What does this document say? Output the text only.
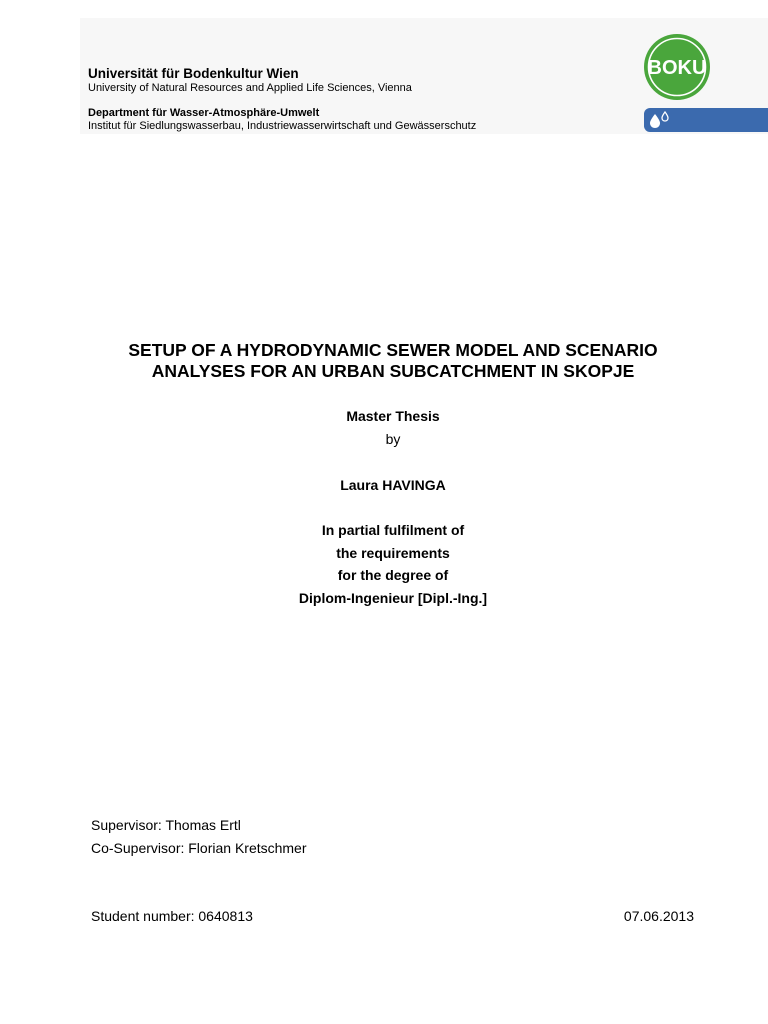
Universität für Bodenkultur Wien
University of Natural Resources and Applied Life Sciences, Vienna
Department für Wasser-Atmosphäre-Umwelt
Institut für Siedlungswasserbau, Industriewasserwirtschaft und Gewässerschutz
BOKU
SETUP OF A HYDRODYNAMIC SEWER MODEL AND SCENARIO
ANALYSES FOR AN URBAN SUBCATCHMENT IN SKOPJE
Master Thesis
by
Laura HAVINGA
In partial fulfilment of
the requirements
for the degree of
Diplom-Ingenieur [Dipl.-Ing.]
Supervisor: Thomas Ertl
Co-Supervisor: Florian Kretschmer
Student number: 0640813	07.06.2013
